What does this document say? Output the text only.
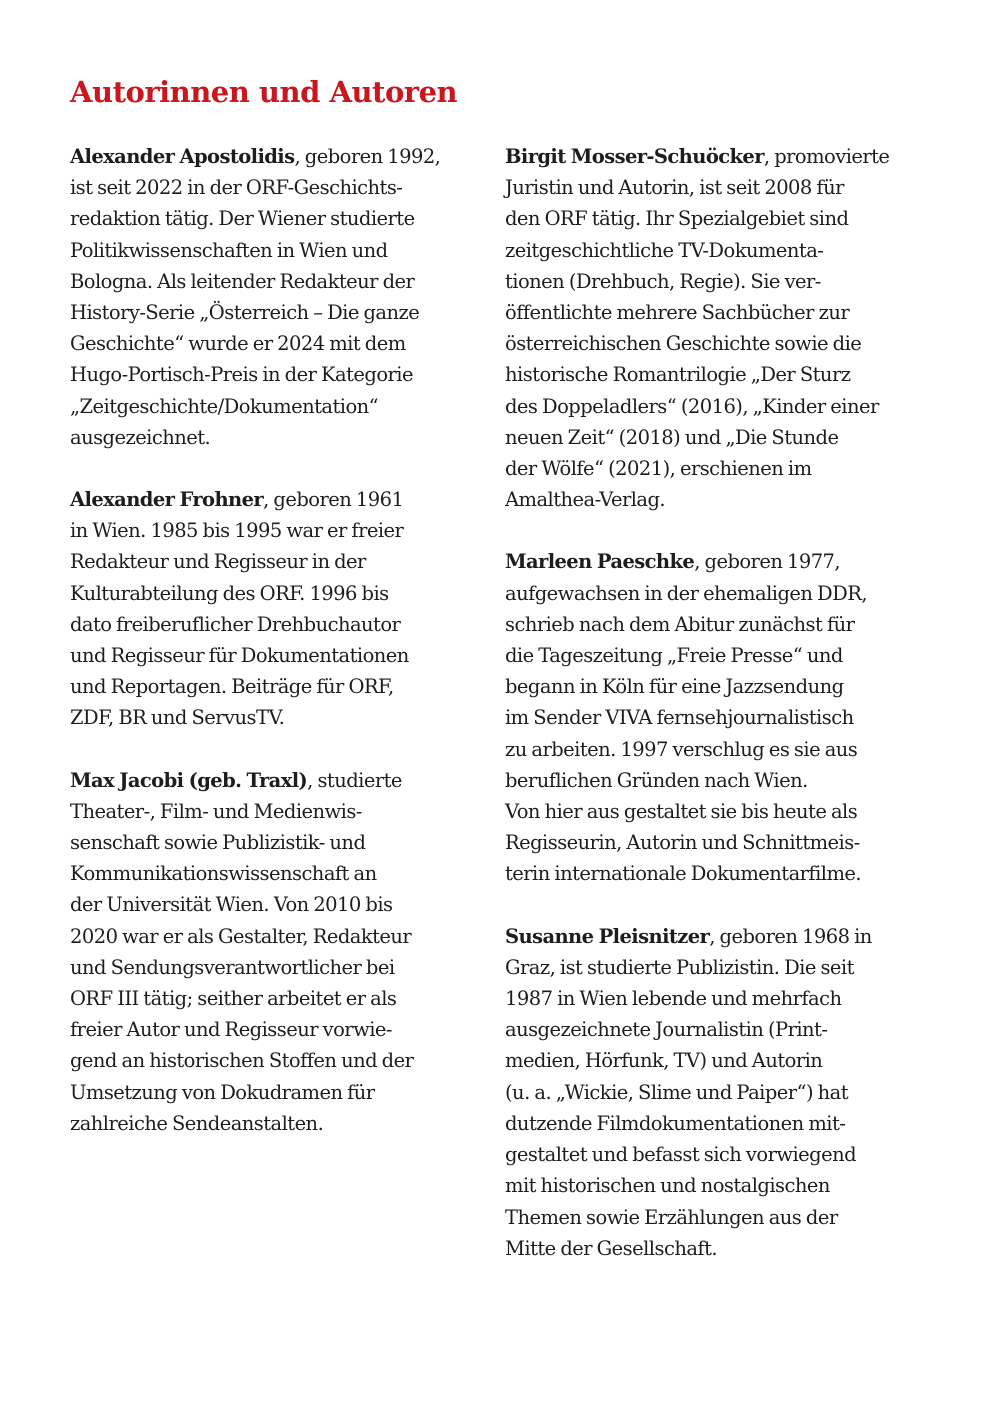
Autorinnen und Autoren

Alexander Apostolidis, geboren 1992,
ist seit 2022 in der ORF-Geschichts-
redaktion tätig. Der Wiener studierte
Politikwissenschaften in Wien und
Bologna. Als leitender Redakteur der
History-Serie „Österreich – Die ganze
Geschichte“ wurde er 2024 mit dem
Hugo-Portisch-Preis in der Kategorie
„Zeitgeschichte/Dokumentation“
ausgezeichnet.

Alexander Frohner, geboren 1961
in Wien. 1985 bis 1995 war er freier
Redakteur und Regisseur in der
Kulturabteilung des ORF. 1996 bis
dato freiberuflicher Drehbuchautor
und Regisseur für Dokumentationen
und Reportagen. Beiträge für ORF,
ZDF, BR und ServusTV.

Max Jacobi (geb. Traxl), studierte
Theater-, Film- und Medienwis-
senschaft sowie Publizistik- und
Kommunikationswissenschaft an
der Universität Wien. Von 2010 bis
2020 war er als Gestalter, Redakteur
und Sendungsverantwortlicher bei
ORF III tätig; seither arbeitet er als
freier Autor und Regisseur vorwie-
gend an historischen Stoffen und der
Umsetzung von Dokudramen für
zahlreiche Sendeanstalten.

Birgit Mosser-Schuöcker, promovierte
Juristin und Autorin, ist seit 2008 für
den ORF tätig. Ihr Spezialgebiet sind
zeitgeschichtliche TV-Dokumenta-
tionen (Drehbuch, Regie). Sie ver-
öffentlichte mehrere Sachbücher zur
österreichischen Geschichte sowie die
historische Romantrilogie „Der Sturz
des Doppeladlers“ (2016), „Kinder einer
neuen Zeit“ (2018) und „Die Stunde
der Wölfe“ (2021), erschienen im
Amalthea-Verlag.

Marleen Paeschke, geboren 1977,
aufgewachsen in der ehemaligen DDR,
schrieb nach dem Abitur zunächst für
die Tageszeitung „Freie Presse“ und
begann in Köln für eine Jazzsendung
im Sender VIVA fernsehjournalistisch
zu arbeiten. 1997 verschlug es sie aus
beruflichen Gründen nach Wien.
Von hier aus gestaltet sie bis heute als
Regisseurin, Autorin und Schnittmeis-
terin internationale Dokumentarfilme.

Susanne Pleisnitzer, geboren 1968 in
Graz, ist studierte Publizistin. Die seit
1987 in Wien lebende und mehrfach
ausgezeichnete Journalistin (Print-
medien, Hörfunk, TV) und Autorin
(u. a. „Wickie, Slime und Paiper“) hat
dutzende Filmdokumentationen mit-
gestaltet und befasst sich vorwiegend
mit historischen und nostalgischen
Themen sowie Erzählungen aus der
Mitte der Gesellschaft.
